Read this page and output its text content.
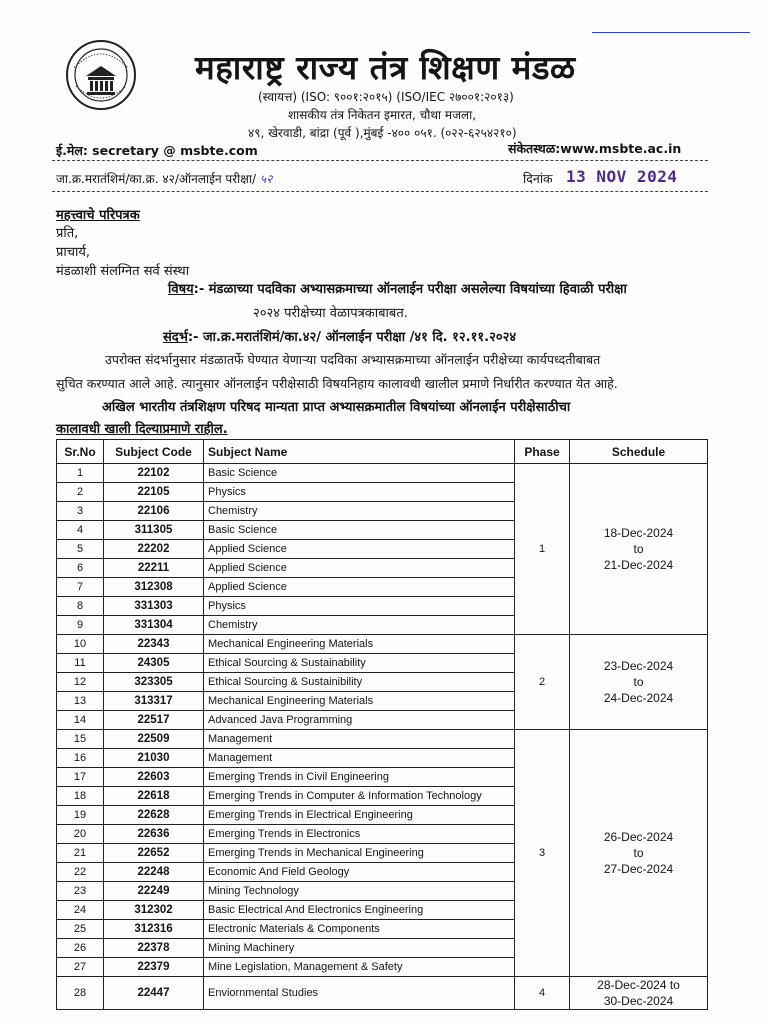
महाराष्ट्र राज्य तंत्र शिक्षण मंडळ
(स्वायत्त) (ISO: ९००१:२०१५) (ISO/IEC २७००१:२०१३)
शासकीय तंत्र निकेतन इमारत, चौथा मजला,
४९, खेरवाडी, बांद्रा (पूर्व ),मुंबई -४०० ०५१. (०२२-६२५४२१०)
ई.मेल: secretary @ msbte.com	संकेतस्थळ:www.msbte.ac.in
जा.क्र.मरातंशिमं/का.क्र. ४२/ऑनलाईन परीक्षा/ ५२	दिनांक 13 NOV 2024
महत्त्वाचे परिपत्रक
प्रति,
प्राचार्य,
मंडळाशी संलग्नित सर्व संस्था
विषय:- मंडळाच्या पदविका अभ्यासक्रमाच्या ऑनलाईन परीक्षा असलेल्या विषयांच्या हिवाळी परीक्षा
२०२४ परीक्षेच्या वेळापत्रकाबाबत.
संदर्भ:- जा.क्र.मरातंशिमं/का.४२/ ऑनलाईन परीक्षा /४१ दि. १२.११.२०२४
उपरोक्त संदर्भानुसार मंडळातर्फे घेण्यात येणाऱ्या पदविका अभ्यासक्रमाच्या ऑनलाईन परीक्षेच्या कार्यपध्दतीबाबत
सुचित करण्यात आले आहे. त्यानुसार ऑनलाईन परीक्षेसाठी विषयनिहाय कालावधी खालील प्रमाणे निर्धारीत करण्यात येत आहे.
अखिल भारतीय तंत्रशिक्षण परिषद मान्यता प्राप्त अभ्यासक्रमातील विषयांच्या ऑनलाईन परीक्षेसाठीचा
कालावधी खाली दिल्याप्रमाणे राहील.
Sr.No	Subject Code	Subject Name	Phase	Schedule
1	22102	Basic Science	1	18-Dec-2024
to
21-Dec-2024

2	22105	Physics		
3	22106	Chemistry		
4	311305	Basic Science		
5	22202	Applied Science		
6	22211	Applied Science		
7	312308	Applied Science		
8	331303	Physics		
9	331304	Chemistry		
10	22343	Mechanical Engineering Materials	2	23-Dec-2024
to
24-Dec-2024

11	24305	Ethical Sourcing & Sustainability		
12	323305	Ethical Sourcing & Sustainibility		
13	313317	Mechanical Engineering Materials		
14	22517	Advanced Java Programming		
15	22509	Management	3	26-Dec-2024
to
27-Dec-2024

16	21030	Management		
17	22603	Emerging Trends in Civil Engineering		
18	22618	Emerging Trends in Computer & Information Technology		
19	22628	Emerging Trends in Electrical Engineering		
20	22636	Emerging Trends in Electronics		
21	22652	Emerging Trends in Mechanical Engineering		
22	22248	Economic And Field Geology		
23	22249	Mining Technology		
24	312302	Basic Electrical And Electronics Engineering		
25	312316	Electronic Materials & Components		
26	22378	Mining Machinery		
27	22379	Mine Legislation, Management & Safety		
28	22447	Enviornmental Studies	4	28-Dec-2024 to
30-Dec-2024
